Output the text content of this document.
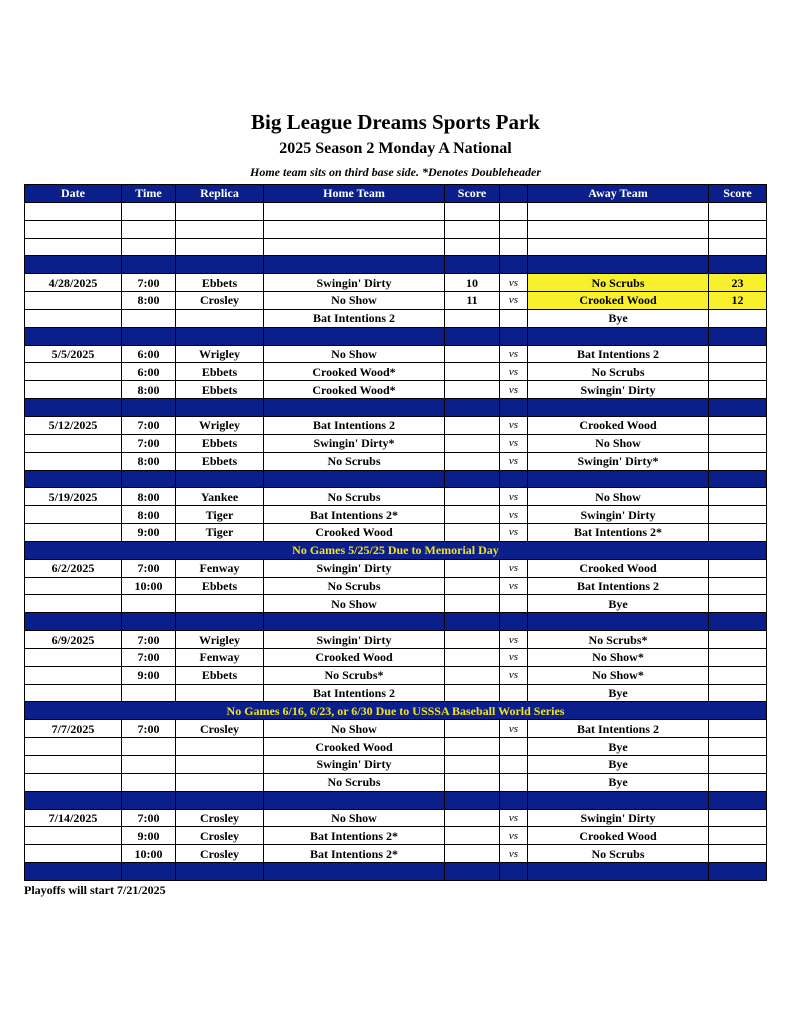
Big League Dreams Sports Park
2025 Season 2 Monday A National
Home team sits on third base side. *Denotes Doubleheader
Date	Time	Replica	Home Team	Score		Away Team	Score

4/28/2025	7:00	Ebbets	Swingin' Dirty	10	vs	No Scrubs	23
	8:00	Crosley	No Show	11	vs	Crooked Wood	12
			Bat Intentions 2			Bye	

5/5/2025	6:00	Wrigley	No Show		vs	Bat Intentions 2	
	6:00	Ebbets	Crooked Wood*		vs	No Scrubs	
	8:00	Ebbets	Crooked Wood*		vs	Swingin' Dirty	

5/12/2025	7:00	Wrigley	Bat Intentions 2		vs	Crooked Wood	
	7:00	Ebbets	Swingin' Dirty*		vs	No Show	
	8:00	Ebbets	No Scrubs		vs	Swingin' Dirty*	

5/19/2025	8:00	Yankee	No Scrubs		vs	No Show	
	8:00	Tiger	Bat Intentions 2*		vs	Swingin' Dirty	
	9:00	Tiger	Crooked Wood		vs	Bat Intentions 2*	
No Games 5/25/25 Due to Memorial Day							
6/2/2025	7:00	Fenway	Swingin' Dirty		vs	Crooked Wood	
	10:00	Ebbets	No Scrubs		vs	Bat Intentions 2	
			No Show			Bye	

6/9/2025	7:00	Wrigley	Swingin' Dirty		vs	No Scrubs*	
	7:00	Fenway	Crooked Wood		vs	No Show*	
	9:00	Ebbets	No Scrubs*		vs	No Show*	
			Bat Intentions 2			Bye	
No Games 6/16, 6/23, or 6/30 Due to USSSA Baseball World Series							
7/7/2025	7:00	Crosley	No Show		vs	Bat Intentions 2	
			Crooked Wood			Bye	
			Swingin' Dirty			Bye	
			No Scrubs			Bye	

7/14/2025	7:00	Crosley	No Show		vs	Swingin' Dirty	
	9:00	Crosley	Bat Intentions 2*		vs	Crooked Wood	
	10:00	Crosley	Bat Intentions 2*		vs	No Scrubs	

Playoffs will start 7/21/2025
